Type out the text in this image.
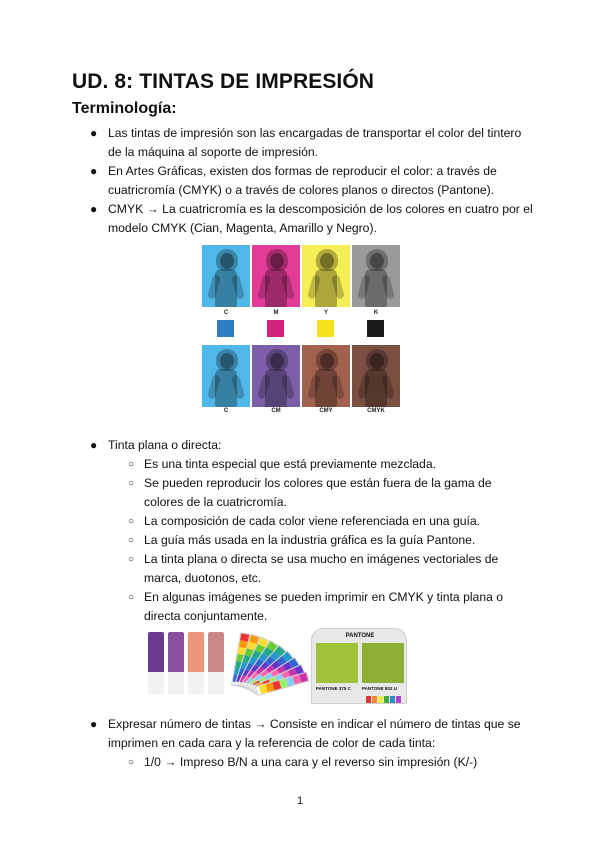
UD. 8: TINTAS DE IMPRESIÓN
Terminología:
● Las tintas de impresión son las encargadas de transportar el color del tintero
de la máquina al soporte de impresión.
● En Artes Gráficas, existen dos formas de reproducir el color: a través de
cuatricromía (CMYK) o a través de colores planos o directos (Pantone).
● CMYK → La cuatricromía es la descomposición de los colores en cuatro por el
modelo CMYK (Cian, Magenta, Amarillo y Negro).
C	M	Y	K
C	CM	CMY	CMYK
● Tinta plana o directa:
○ Es una tinta especial que está previamente mezclada.
○ Se pueden reproducir los colores que están fuera de la gama de
colores de la cuatricromía.
○ La composición de cada color viene referenciada en una guía.
○ La guía más usada en la industria gráfica es la guía Pantone.
○ La tinta plana o directa se usa mucho en imágenes vectoriales de
marca, duotonos, etc.
○ En algunas imágenes se pueden imprimir en CMYK y tinta plana o
directa conjuntamente.
PANTONE
PANTONE 375 C PANTONE 802 U
● Expresar número de tintas → Consiste en indicar el número de tintas que se
imprimen en cada cara y la referencia de color de cada tinta:
○ 1/0 → Impreso B/N a una cara y el reverso sin impresión (K/-)
1
